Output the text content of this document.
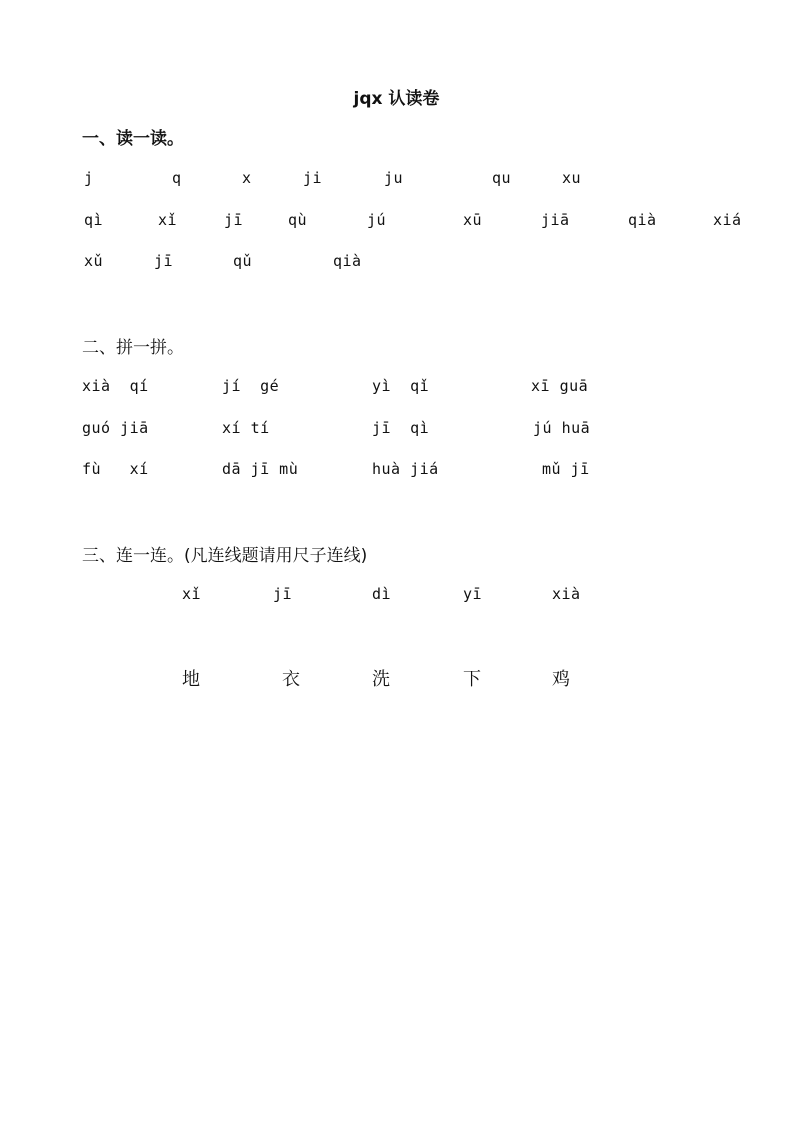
jqx 认读卷
一、读一读。
j	q	x	ji	ju	qu	xu
qì	xǐ	jī	qù	jú	xū	jiā	qià	xiá
xǔ	jī	qǔ	qià
二、拼一拼。
xià  qí	jí  gé	yì  qǐ	xī guā
guó jiā	xí tí	jī  qì	jú huā
fù   xí	dā jī mù	huà jiá	mǔ jī
三、连一连。(凡连线题请用尺子连线)
xǐ	jī	dì	yī	xià
地	衣	洗	下	鸡
